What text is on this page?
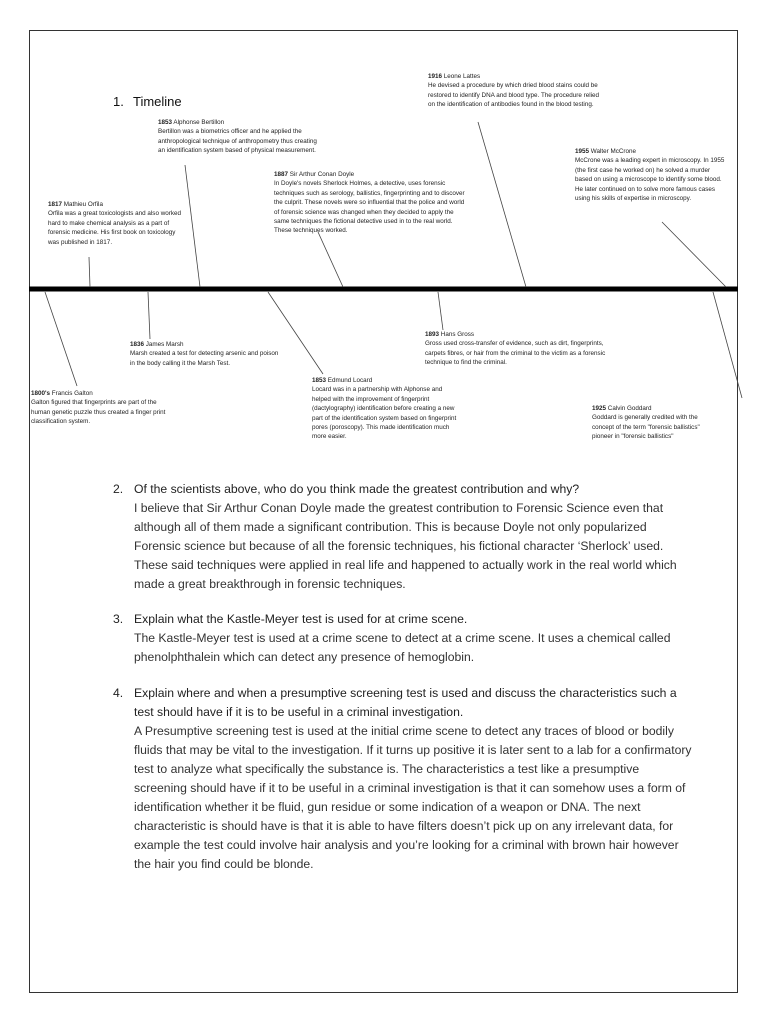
1. Timeline
1916 Leone Lattes
He devised a procedure by which dried blood stains could be restored to identify DNA and blood type. The procedure relied on the identification of antibodies found in the blood testing.
1853 Alphonse Bertillon
Bertillon was a biometrics officer and he applied the anthropological technique of anthropometry thus creating an identification system based of physical measurement.	1955 Walter McCrone
McCrone was a leading expert in microscopy. In 1955 (the first case he worked on) he solved a murder based on using a microscope to identify some blood. He later continued on to solve more famous cases using his skills of expertise in microscopy.
1887 Sir Arthur Conan Doyle
In Doyle's novels Sherlock Holmes, a detective, uses forensic techniques such as serology, ballistics, fingerprinting and to discover the culprit. These novels were so influential that the police and world of forensic science was changed when they decided to apply the same techniques the fictional detective used in to the real world. These techniques worked.
1817 Mathieu Orfila
Orfila was a great toxicologists and also worked hard to make chemical analysis as a part of forensic medicine. His first book on toxicology was published in 1817.
1893 Hans Gross
Gross used cross-transfer of evidence, such as dirt, fingerprints, carpets fibres, or hair from the criminal to the victim as a forensic technique to find the criminal.
1836 James Marsh
Marsh created a test for detecting arsenic and poison in the body calling it the Marsh Test.
1853 Edmund Locard
Locard was in a partnership with Alphonse and helped with the improvement of fingerprint (dactylography) identification before creating a new part of the identification system based on fingerprint pores (poroscopy). This made identification much more easier.
1800's Francis Galton
Galton figured that fingerprints are part of the human genetic puzzle thus created a finger print classification system.
1925 Calvin Goddard
Goddard is generally credited with the concept of the term "forensic ballistics" pioneer in "forensic ballistics"
2. Of the scientists above, who do you think made the greatest contribution and why?
I believe that Sir Arthur Conan Doyle made the greatest contribution to Forensic Science even that although all of them made a significant contribution. This is because Doyle not only popularized Forensic science but because of all the forensic techniques, his fictional character ‘Sherlock’ used. These said techniques were applied in real life and happened to actually work in the real world which made a great breakthrough in forensic techniques.
3. Explain what the Kastle-Meyer test is used for at crime scene.
The Kastle-Meyer test is used at a crime scene to detect at a crime scene. It uses a chemical called phenolphthalein which can detect any presence of hemoglobin.
4. Explain where and when a presumptive screening test is used and discuss the characteristics such a test should have if it is to be useful in a criminal investigation.
A Presumptive screening test is used at the initial crime scene to detect any traces of blood or bodily fluids that may be vital to the investigation. If it turns up positive it is later sent to a lab for a confirmatory test to analyze what specifically the substance is. The characteristics a test like a presumptive screening should have if it to be useful in a criminal investigation is that it can somehow uses a form of identification whether it be fluid, gun residue or some indication of a weapon or DNA. The next characteristic is should have is that it is able to have filters doesn’t pick up on any irrelevant data, for example the test could involve hair analysis and you’re looking for a criminal with brown hair however the hair you find could be blonde.
